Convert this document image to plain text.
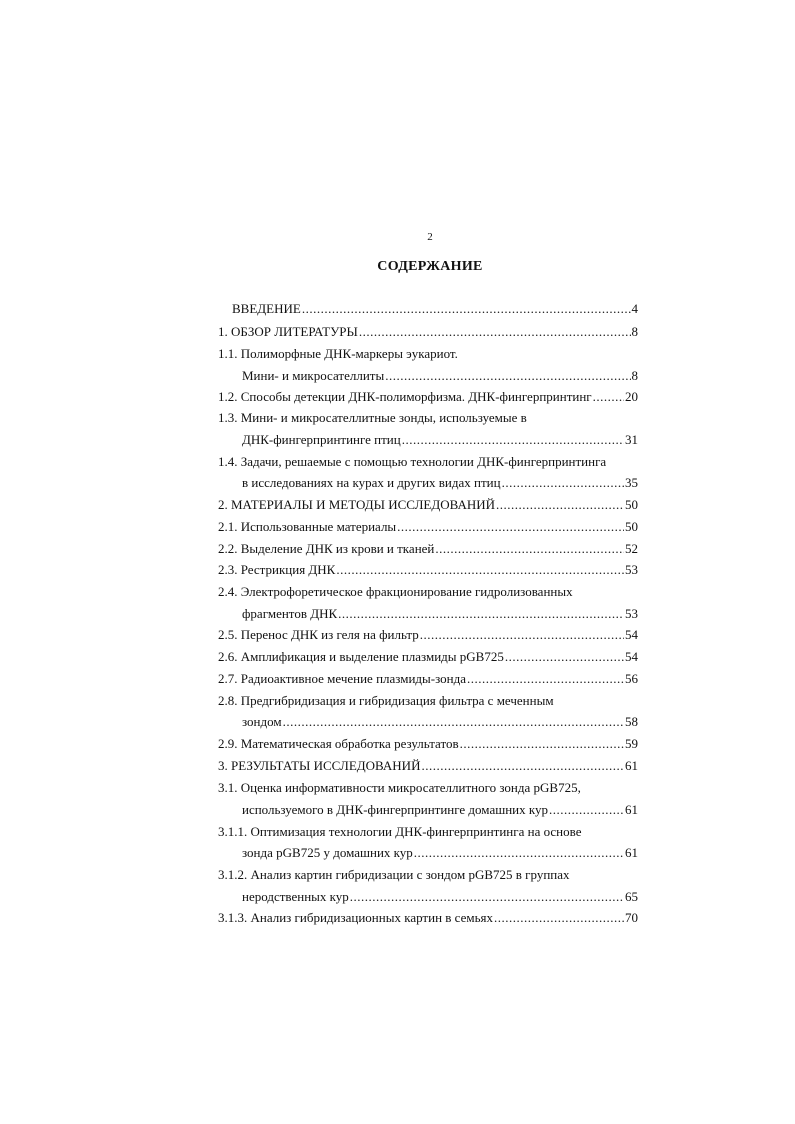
2
СОДЕРЖАНИЕ
ВВЕДЕНИЕ .....	4
1. ОБЗОР ЛИТЕРАТУРЫ .....	8
1.1. Полиморфные ДНК-маркеры эукариот.
Мини- и микросателлиты .....	8
1.2. Способы детекции ДНК-полиморфизма. ДНК-фингерпринтинг .....	20
1.3. Мини- и микросателлитные зонды, используемые в
ДНК-фингерпринтинге птиц .....	31
1.4. Задачи, решаемые с помощью технологии ДНК-фингерпринтинга
в исследованиях на курах и других видах птиц .....	35
2. МАТЕРИАЛЫ И МЕТОДЫ ИССЛЕДОВАНИЙ .....	50
2.1. Использованные материалы .....	50
2.2. Выделение ДНК из крови и тканей .....	52
2.3. Рестрикция ДНК .....	53
2.4. Электрофоретическое фракционирование гидролизованных
фрагментов ДНК .....	53
2.5. Перенос ДНК из геля на фильтр .....	54
2.6. Амплификация и выделение плазмиды pGB725 .....	54
2.7. Радиоактивное мечение плазмиды-зонда .....	56
2.8. Предгибридизация и гибридизация фильтра с меченным
зондом .....	58
2.9. Математическая обработка результатов .....	59
3. РЕЗУЛЬТАТЫ ИССЛЕДОВАНИЙ .....	61
3.1. Оценка информативности микросателлитного зонда pGB725,
используемого в ДНК-фингерпринтинге домашних кур .....	61
3.1.1. Оптимизация технологии ДНК-фингерпринтинга на основе
зонда pGB725 у домашних кур .....	61
3.1.2. Анализ картин гибридизации с зондом pGB725 в группах
неродственных кур .....	65
3.1.3. Анализ гибридизационных картин в семьях .....	70
